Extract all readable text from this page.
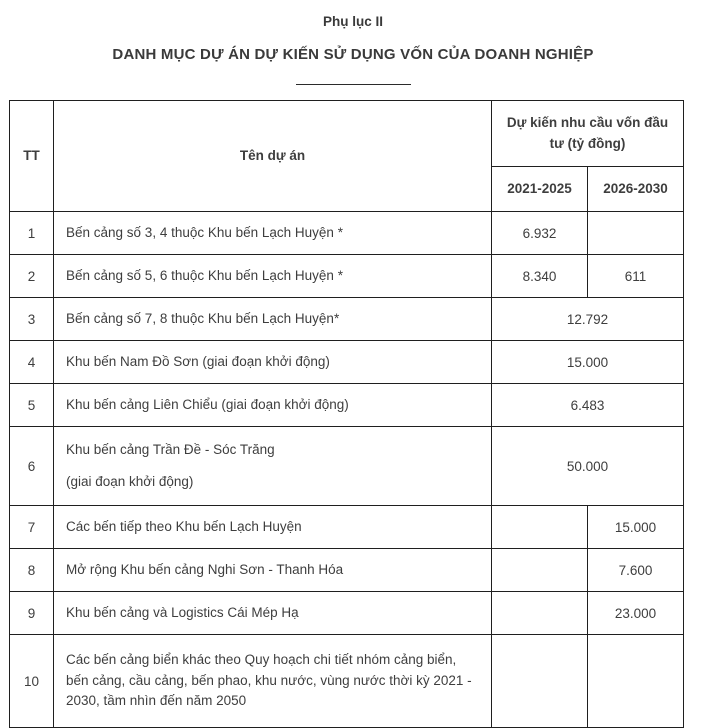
Phụ lục II
DANH MỤC DỰ ÁN DỰ KIẾN SỬ DỤNG VỐN CỦA DOANH NGHIỆP
TT	Tên dự án	Dự kiến nhu cầu vốn đầu tư (tỷ đồng)	
		2021-2025	2026-2030
1	Bến cảng số 3, 4 thuộc Khu bến Lạch Huyện *	6.932	
2	Bến cảng số 5, 6 thuộc Khu bến Lạch Huyện *	8.340	611
3	Bến cảng số 7, 8 thuộc Khu bến Lạch Huyện*	12.792	
4	Khu bến Nam Đồ Sơn (giai đoạn khởi động)	15.000	
5	Khu bến cảng Liên Chiểu (giai đoạn khởi động)	6.483	
6	Khu bến cảng Trần Đề - Sóc Trăng
(giai đoạn khởi động)	50.000	
7	Các bến tiếp theo Khu bến Lạch Huyện		15.000
8	Mở rộng Khu bến cảng Nghi Sơn - Thanh Hóa		7.600
9	Khu bến cảng và Logistics Cái Mép Hạ		23.000
10	Các bến cảng biển khác theo Quy hoạch chi tiết nhóm cảng biển, bến cảng, cầu cảng, bến phao, khu nước, vùng nước thời kỳ 2021 - 2030, tầm nhìn đến năm 2050		
